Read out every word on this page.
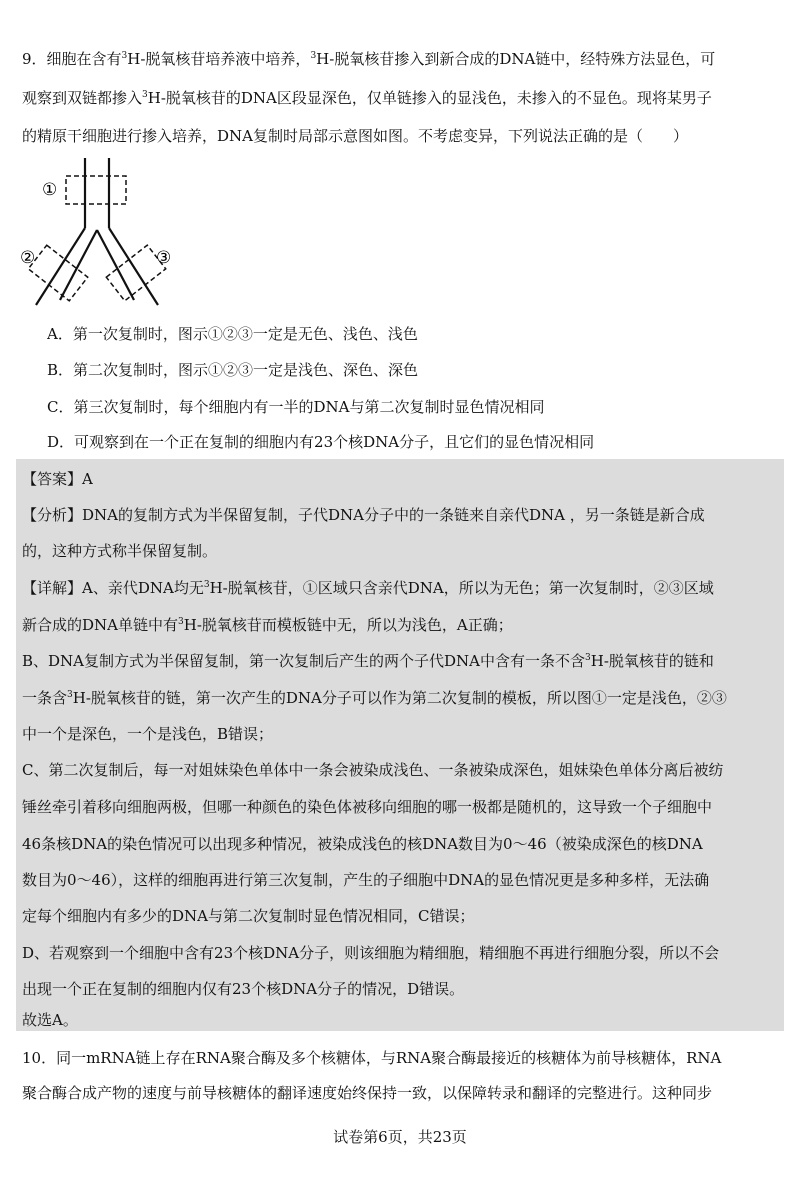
9．细胞在含有$^3$H-脱氧核苷培养液中培养，$^3$H-脱氧核苷掺入到新合成的DNA链中，经特殊方法显色，可
观察到双链都掺入$^3$H-脱氧核苷的DNA区段显深色，仅单链掺入的显浅色，未掺入的不显色。现将某男子
的精原干细胞进行掺入培养，DNA复制时局部示意图如图。不考虑变异，下列说法正确的是（　　）
①
②	③
A．第一次复制时，图示①②③一定是无色、浅色、浅色
B．第二次复制时，图示①②③一定是浅色、深色、深色
C．第三次复制时，每个细胞内有一半的DNA与第二次复制时显色情况相同
D．可观察到在一个正在复制的细胞内有23个核DNA分子，且它们的显色情况相同
【答案】A
【分析】DNA的复制方式为半保留复制，子代DNA分子中的一条链来自亲代DNA ，另一条链是新合成
的，这种方式称半保留复制。
【详解】A、亲代DNA均无$^3$H-脱氧核苷，①区域只含亲代DNA，所以为无色；第一次复制时，②③区域
新合成的DNA单链中有$^3$H-脱氧核苷而模板链中无，所以为浅色，A正确；
B、DNA复制方式为半保留复制，第一次复制后产生的两个子代DNA中含有一条不含$^3$H-脱氧核苷的链和
一条含$^3$H-脱氧核苷的链，第一次产生的DNA分子可以作为第二次复制的模板，所以图①一定是浅色，②③
中一个是深色，一个是浅色，B错误；
C、第二次复制后，每一对姐妹染色单体中一条会被染成浅色、一条被染成深色，姐妹染色单体分离后被纺
锤丝牵引着移向细胞两极，但哪一种颜色的染色体被移向细胞的哪一极都是随机的，这导致一个子细胞中
46条核DNA的染色情况可以出现多种情况，被染成浅色的核DNA数目为0～46（被染成深色的核DNA
数目为0～46），这样的细胞再进行第三次复制，产生的子细胞中DNA的显色情况更是多种多样，无法确
定每个细胞内有多少的DNA与第二次复制时显色情况相同，C错误；
D、若观察到一个细胞中含有23个核DNA分子，则该细胞为精细胞，精细胞不再进行细胞分裂，所以不会
出现一个正在复制的细胞内仅有23个核DNA分子的情况，D错误。
故选A。
10．同一mRNA链上存在RNA聚合酶及多个核糖体，与RNA聚合酶最接近的核糖体为前导核糖体，RNA
聚合酶合成产物的速度与前导核糖体的翻译速度始终保持一致，以保障转录和翻译的完整进行。这种同步
试卷第6页，共23页
